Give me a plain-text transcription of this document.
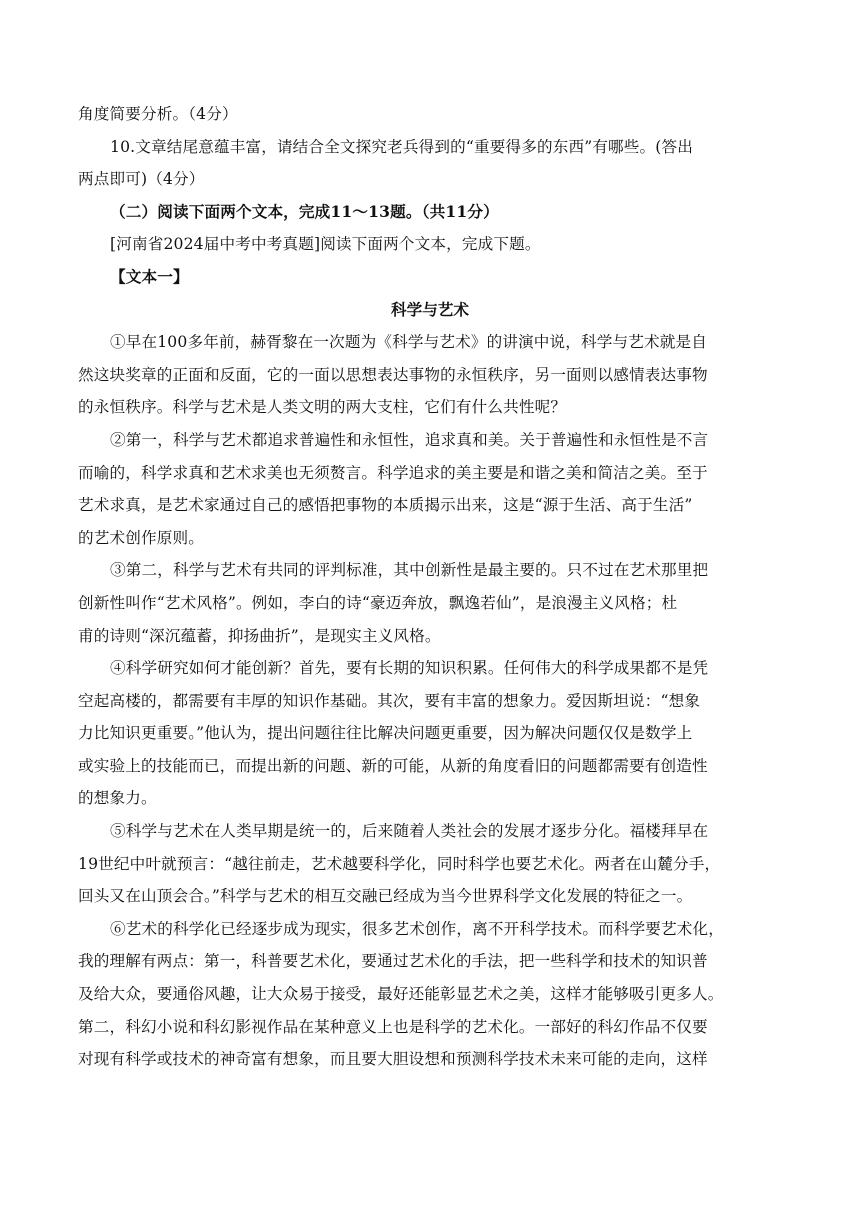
角度简要分析。（4分）
10.文章结尾意蕴丰富，请结合全文探究老兵得到的“重要得多的东西”有哪些。(答出
两点即可)（4分）
（二）阅读下面两个文本，完成11～13题。（共11分）
[河南省2024届中考中考真题]阅读下面两个文本，完成下题。
【文本一】
科学与艺术
①早在100多年前，赫胥黎在一次题为《科学与艺术》的讲演中说，科学与艺术就是自
然这块奖章的正面和反面，它的一面以思想表达事物的永恒秩序，另一面则以感情表达事物
的永恒秩序。科学与艺术是人类文明的两大支柱，它们有什么共性呢？
②第一，科学与艺术都追求普遍性和永恒性，追求真和美。关于普遍性和永恒性是不言
而喻的，科学求真和艺术求美也无须赘言。科学追求的美主要是和谐之美和简洁之美。至于
艺术求真，是艺术家通过自己的感悟把事物的本质揭示出来，这是“源于生活、高于生活”
的艺术创作原则。
③第二，科学与艺术有共同的评判标准，其中创新性是最主要的。只不过在艺术那里把
创新性叫作“艺术风格”。例如，李白的诗“豪迈奔放，飘逸若仙”，是浪漫主义风格；杜
甫的诗则“深沉蕴蓄，抑扬曲折”，是现实主义风格。
④科学研究如何才能创新？首先，要有长期的知识积累。任何伟大的科学成果都不是凭
空起高楼的，都需要有丰厚的知识作基础。其次，要有丰富的想象力。爱因斯坦说：“想象
力比知识更重要。”他认为，提出问题往往比解决问题更重要，因为解决问题仅仅是数学上
或实验上的技能而已，而提出新的问题、新的可能，从新的角度看旧的问题都需要有创造性
的想象力。
⑤科学与艺术在人类早期是统一的，后来随着人类社会的发展才逐步分化。福楼拜早在
19世纪中叶就预言：“越往前走，艺术越要科学化，同时科学也要艺术化。两者在山麓分手，
回头又在山顶会合。”科学与艺术的相互交融已经成为当今世界科学文化发展的特征之一。
⑥艺术的科学化已经逐步成为现实，很多艺术创作，离不开科学技术。而科学要艺术化，
我的理解有两点：第一，科普要艺术化，要通过艺术化的手法，把一些科学和技术的知识普
及给大众，要通俗风趣，让大众易于接受，最好还能彰显艺术之美，这样才能够吸引更多人。
第二，科幻小说和科幻影视作品在某种意义上也是科学的艺术化。一部好的科幻作品不仅要
对现有科学或技术的神奇富有想象，而且要大胆设想和预测科学技术未来可能的走向，这样
